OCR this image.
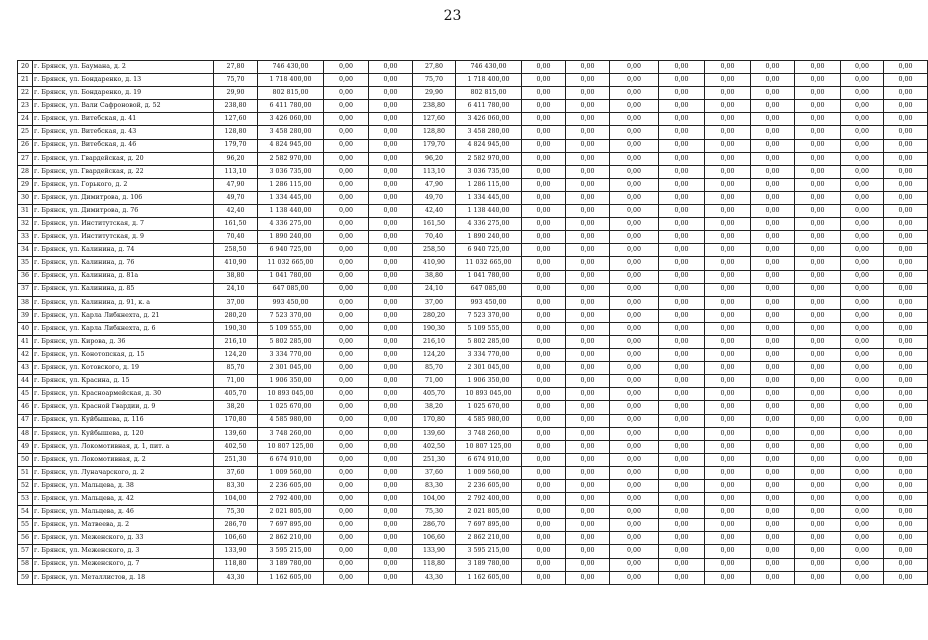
23
20	г. Брянск, ул. Баумана, д. 2	27,80	746 430,00	0,00	0,00	27,80	746 430,00	0,00	0,00	0,00	0,00	0,00	0,00	0,00	0,00	0,00
21	г. Брянск, ул. Бондаренко, д. 13	75,70	1 718 400,00	0,00	0,00	75,70	1 718 400,00	0,00	0,00	0,00	0,00	0,00	0,00	0,00	0,00	0,00
22	г. Брянск, ул. Бондаренко, д. 19	29,90	802 815,00	0,00	0,00	29,90	802 815,00	0,00	0,00	0,00	0,00	0,00	0,00	0,00	0,00	0,00
23	г. Брянск, ул. Вали Сафроновой, д. 52	238,80	6 411 780,00	0,00	0,00	238,80	6 411 780,00	0,00	0,00	0,00	0,00	0,00	0,00	0,00	0,00	0,00
24	г. Брянск, ул. Витебская, д. 41	127,60	3 426 060,00	0,00	0,00	127,60	3 426 060,00	0,00	0,00	0,00	0,00	0,00	0,00	0,00	0,00	0,00
25	г. Брянск, ул. Витебская, д. 43	128,80	3 458 280,00	0,00	0,00	128,80	3 458 280,00	0,00	0,00	0,00	0,00	0,00	0,00	0,00	0,00	0,00
26	г. Брянск, ул. Витебская, д. 46	179,70	4 824 945,00	0,00	0,00	179,70	4 824 945,00	0,00	0,00	0,00	0,00	0,00	0,00	0,00	0,00	0,00
27	г. Брянск, ул. Гвардейская, д. 20	96,20	2 582 970,00	0,00	0,00	96,20	2 582 970,00	0,00	0,00	0,00	0,00	0,00	0,00	0,00	0,00	0,00
28	г. Брянск, ул. Гвардейская, д. 22	113,10	3 036 735,00	0,00	0,00	113,10	3 036 735,00	0,00	0,00	0,00	0,00	0,00	0,00	0,00	0,00	0,00
29	г. Брянск, ул. Горького, д. 2	47,90	1 286 115,00	0,00	0,00	47,90	1 286 115,00	0,00	0,00	0,00	0,00	0,00	0,00	0,00	0,00	0,00
30	г. Брянск, ул. Димитрова, д. 106	49,70	1 334 445,00	0,00	0,00	49,70	1 334 445,00	0,00	0,00	0,00	0,00	0,00	0,00	0,00	0,00	0,00
31	г. Брянск, ул. Димитрова, д. 76	42,40	1 138 440,00	0,00	0,00	42,40	1 138 440,00	0,00	0,00	0,00	0,00	0,00	0,00	0,00	0,00	0,00
32	г. Брянск, ул. Институтская, д. 7	161,50	4 336 275,00	0,00	0,00	161,50	4 336 275,00	0,00	0,00	0,00	0,00	0,00	0,00	0,00	0,00	0,00
33	г. Брянск, ул. Институтская, д. 9	70,40	1 890 240,00	0,00	0,00	70,40	1 890 240,00	0,00	0,00	0,00	0,00	0,00	0,00	0,00	0,00	0,00
34	г. Брянск, ул. Калинина, д. 74	258,50	6 940 725,00	0,00	0,00	258,50	6 940 725,00	0,00	0,00	0,00	0,00	0,00	0,00	0,00	0,00	0,00
35	г. Брянск, ул. Калинина, д. 76	410,90	11 032 665,00	0,00	0,00	410,90	11 032 665,00	0,00	0,00	0,00	0,00	0,00	0,00	0,00	0,00	0,00
36	г. Брянск, ул. Калинина, д. 81а	38,80	1 041 780,00	0,00	0,00	38,80	1 041 780,00	0,00	0,00	0,00	0,00	0,00	0,00	0,00	0,00	0,00
37	г. Брянск, ул. Калинина, д. 85	24,10	647 085,00	0,00	0,00	24,10	647 085,00	0,00	0,00	0,00	0,00	0,00	0,00	0,00	0,00	0,00
38	г. Брянск, ул. Калинина, д. 91, к. а	37,00	993 450,00	0,00	0,00	37,00	993 450,00	0,00	0,00	0,00	0,00	0,00	0,00	0,00	0,00	0,00
39	г. Брянск, ул. Карла Либкнехта, д. 21	280,20	7 523 370,00	0,00	0,00	280,20	7 523 370,00	0,00	0,00	0,00	0,00	0,00	0,00	0,00	0,00	0,00
40	г. Брянск, ул. Карла Либкнехта, д. 6	190,30	5 109 555,00	0,00	0,00	190,30	5 109 555,00	0,00	0,00	0,00	0,00	0,00	0,00	0,00	0,00	0,00
41	г. Брянск, ул. Кирова, д. 36	216,10	5 802 285,00	0,00	0,00	216,10	5 802 285,00	0,00	0,00	0,00	0,00	0,00	0,00	0,00	0,00	0,00
42	г. Брянск, ул. Конотопская, д. 15	124,20	3 334 770,00	0,00	0,00	124,20	3 334 770,00	0,00	0,00	0,00	0,00	0,00	0,00	0,00	0,00	0,00
43	г. Брянск, ул. Котовского, д. 19	85,70	2 301 045,00	0,00	0,00	85,70	2 301 045,00	0,00	0,00	0,00	0,00	0,00	0,00	0,00	0,00	0,00
44	г. Брянск, ул. Красина, д. 15	71,00	1 906 350,00	0,00	0,00	71,00	1 906 350,00	0,00	0,00	0,00	0,00	0,00	0,00	0,00	0,00	0,00
45	г. Брянск, ул. Красноармейская, д. 30	405,70	10 893 045,00	0,00	0,00	405,70	10 893 045,00	0,00	0,00	0,00	0,00	0,00	0,00	0,00	0,00	0,00
46	г. Брянск, ул. Красной Гвардии, д. 9	38,20	1 025 670,00	0,00	0,00	38,20	1 025 670,00	0,00	0,00	0,00	0,00	0,00	0,00	0,00	0,00	0,00
47	г. Брянск, ул. Куйбышева, д. 116	170,80	4 585 980,00	0,00	0,00	170,80	4 585 980,00	0,00	0,00	0,00	0,00	0,00	0,00	0,00	0,00	0,00
48	г. Брянск, ул. Куйбышева, д. 120	139,60	3 748 260,00	0,00	0,00	139,60	3 748 260,00	0,00	0,00	0,00	0,00	0,00	0,00	0,00	0,00	0,00
49	г. Брянск, ул. Локомотивная, д. 1, пит. а	402,50	10 807 125,00	0,00	0,00	402,50	10 807 125,00	0,00	0,00	0,00	0,00	0,00	0,00	0,00	0,00	0,00
50	г. Брянск, ул. Локомотивная, д. 2	251,30	6 674 910,00	0,00	0,00	251,30	6 674 910,00	0,00	0,00	0,00	0,00	0,00	0,00	0,00	0,00	0,00
51	г. Брянск, ул. Луначарского, д. 2	37,60	1 009 560,00	0,00	0,00	37,60	1 009 560,00	0,00	0,00	0,00	0,00	0,00	0,00	0,00	0,00	0,00
52	г. Брянск, ул. Мальцева, д. 38	83,30	2 236 605,00	0,00	0,00	83,30	2 236 605,00	0,00	0,00	0,00	0,00	0,00	0,00	0,00	0,00	0,00
53	г. Брянск, ул. Мальцева, д. 42	104,00	2 792 400,00	0,00	0,00	104,00	2 792 400,00	0,00	0,00	0,00	0,00	0,00	0,00	0,00	0,00	0,00
54	г. Брянск, ул. Мальцева, д. 46	75,30	2 021 805,00	0,00	0,00	75,30	2 021 805,00	0,00	0,00	0,00	0,00	0,00	0,00	0,00	0,00	0,00
55	г. Брянск, ул. Матвеева, д. 2	286,70	7 697 895,00	0,00	0,00	286,70	7 697 895,00	0,00	0,00	0,00	0,00	0,00	0,00	0,00	0,00	0,00
56	г. Брянск, ул. Меженского, д. 33	106,60	2 862 210,00	0,00	0,00	106,60	2 862 210,00	0,00	0,00	0,00	0,00	0,00	0,00	0,00	0,00	0,00
57	г. Брянск, ул. Меженского, д. 3	133,90	3 595 215,00	0,00	0,00	133,90	3 595 215,00	0,00	0,00	0,00	0,00	0,00	0,00	0,00	0,00	0,00
58	г. Брянск, ул. Меженского, д. 7	118,80	3 189 780,00	0,00	0,00	118,80	3 189 780,00	0,00	0,00	0,00	0,00	0,00	0,00	0,00	0,00	0,00
59	г. Брянск, ул. Металлистов, д. 18	43,30	1 162 605,00	0,00	0,00	43,30	1 162 605,00	0,00	0,00	0,00	0,00	0,00	0,00	0,00	0,00	0,00
